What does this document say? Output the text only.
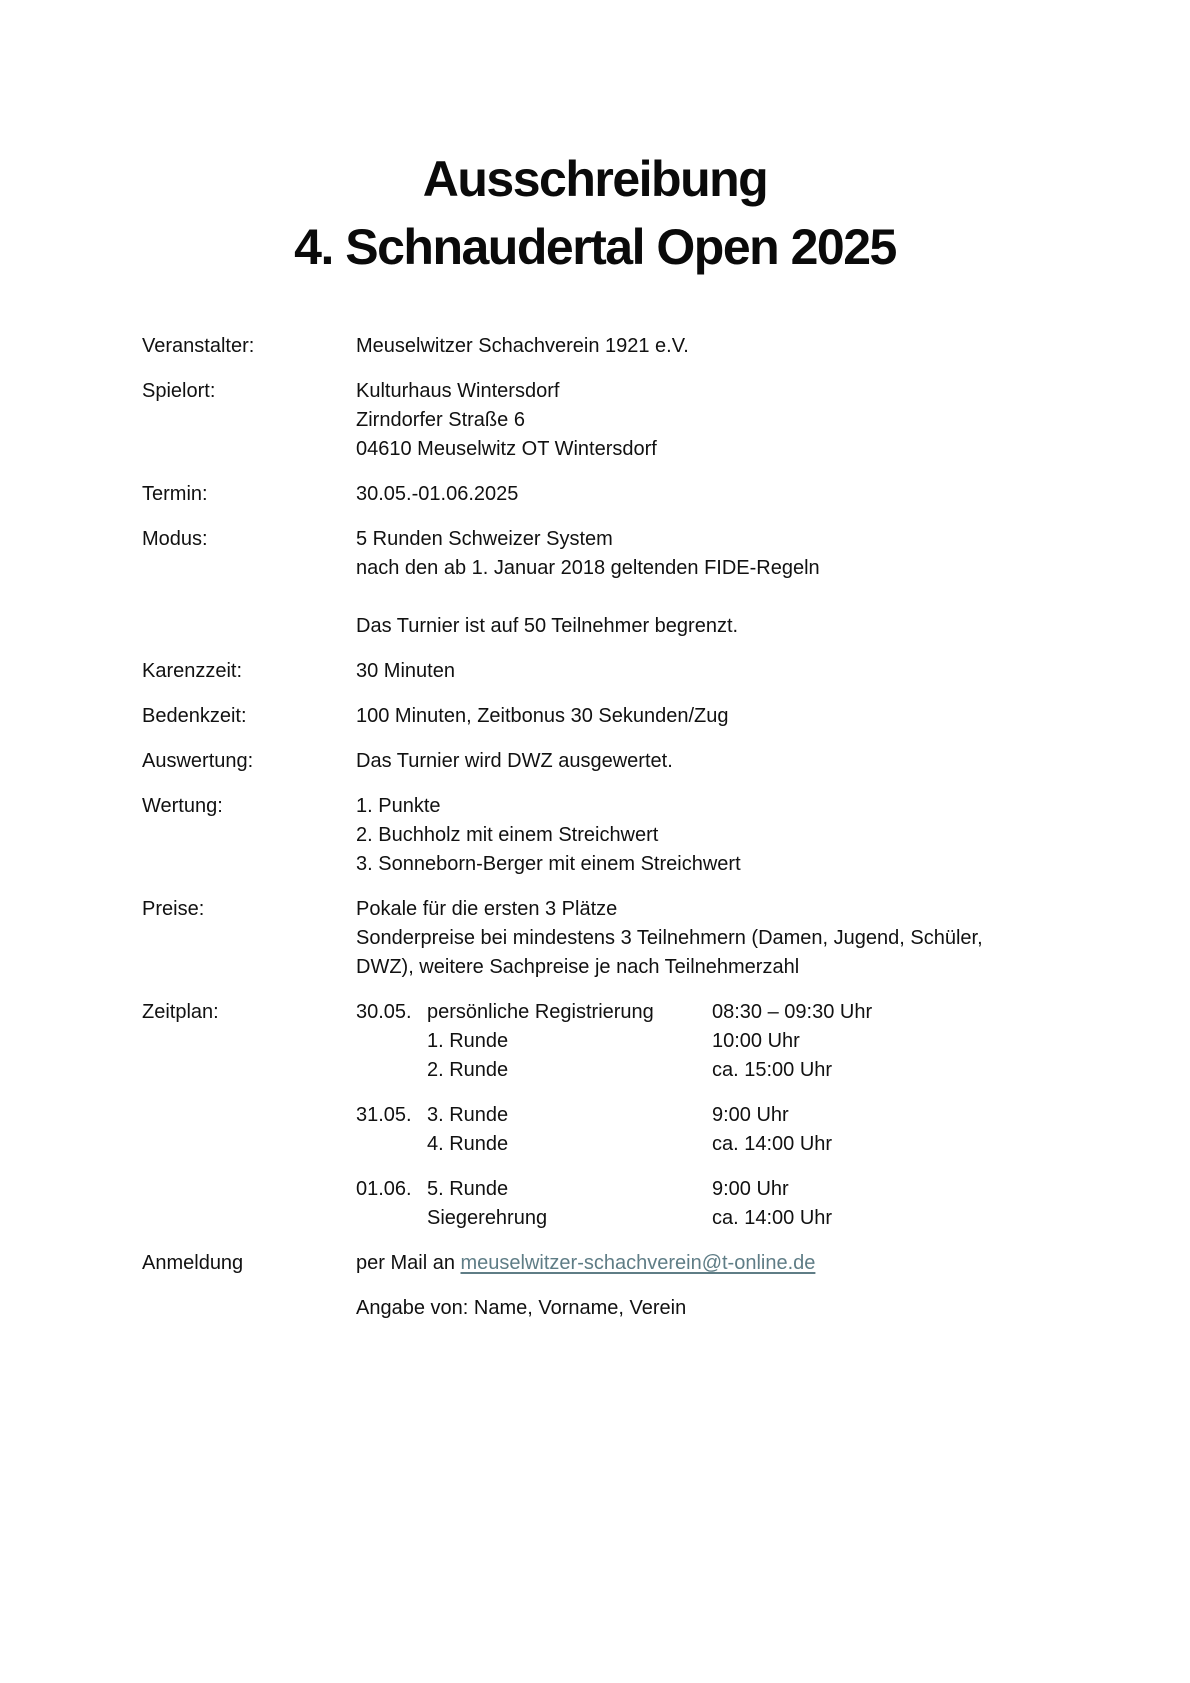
Ausschreibung
4. Schnaudertal Open 2025
Veranstalter:	Meuselwitzer Schachverein 1921 e.V.
Spielort:	Kulturhaus Wintersdorf
Zirndorfer Straße 6
04610 Meuselwitz OT Wintersdorf
Termin:	30.05.-01.06.2025
Modus:	5 Runden Schweizer System
nach den ab 1. Januar 2018 geltenden FIDE-Regeln
Das Turnier ist auf 50 Teilnehmer begrenzt.
Karenzzeit:	30 Minuten
Bedenkzeit:	100 Minuten, Zeitbonus 30 Sekunden/Zug
Auswertung:	Das Turnier wird DWZ ausgewertet.
Wertung:	1. Punkte
2. Buchholz mit einem Streichwert
3. Sonneborn-Berger mit einem Streichwert
Preise:	Pokale für die ersten 3 Plätze
Sonderpreise bei mindestens 3 Teilnehmern (Damen, Jugend, Schüler,
DWZ), weitere Sachpreise je nach Teilnehmerzahl
Zeitplan:	30.05. persönliche Registrierung	08:30 – 09:30 Uhr
1. Runde	10:00 Uhr
2. Runde	ca. 15:00 Uhr
31.05. 3. Runde	9:00 Uhr
4. Runde	ca. 14:00 Uhr
01.06. 5. Runde	9:00 Uhr
Siegerehrung	ca. 14:00 Uhr
Anmeldung	per Mail an meuselwitzer-schachverein@t-online.de
Angabe von: Name, Vorname, Verein
